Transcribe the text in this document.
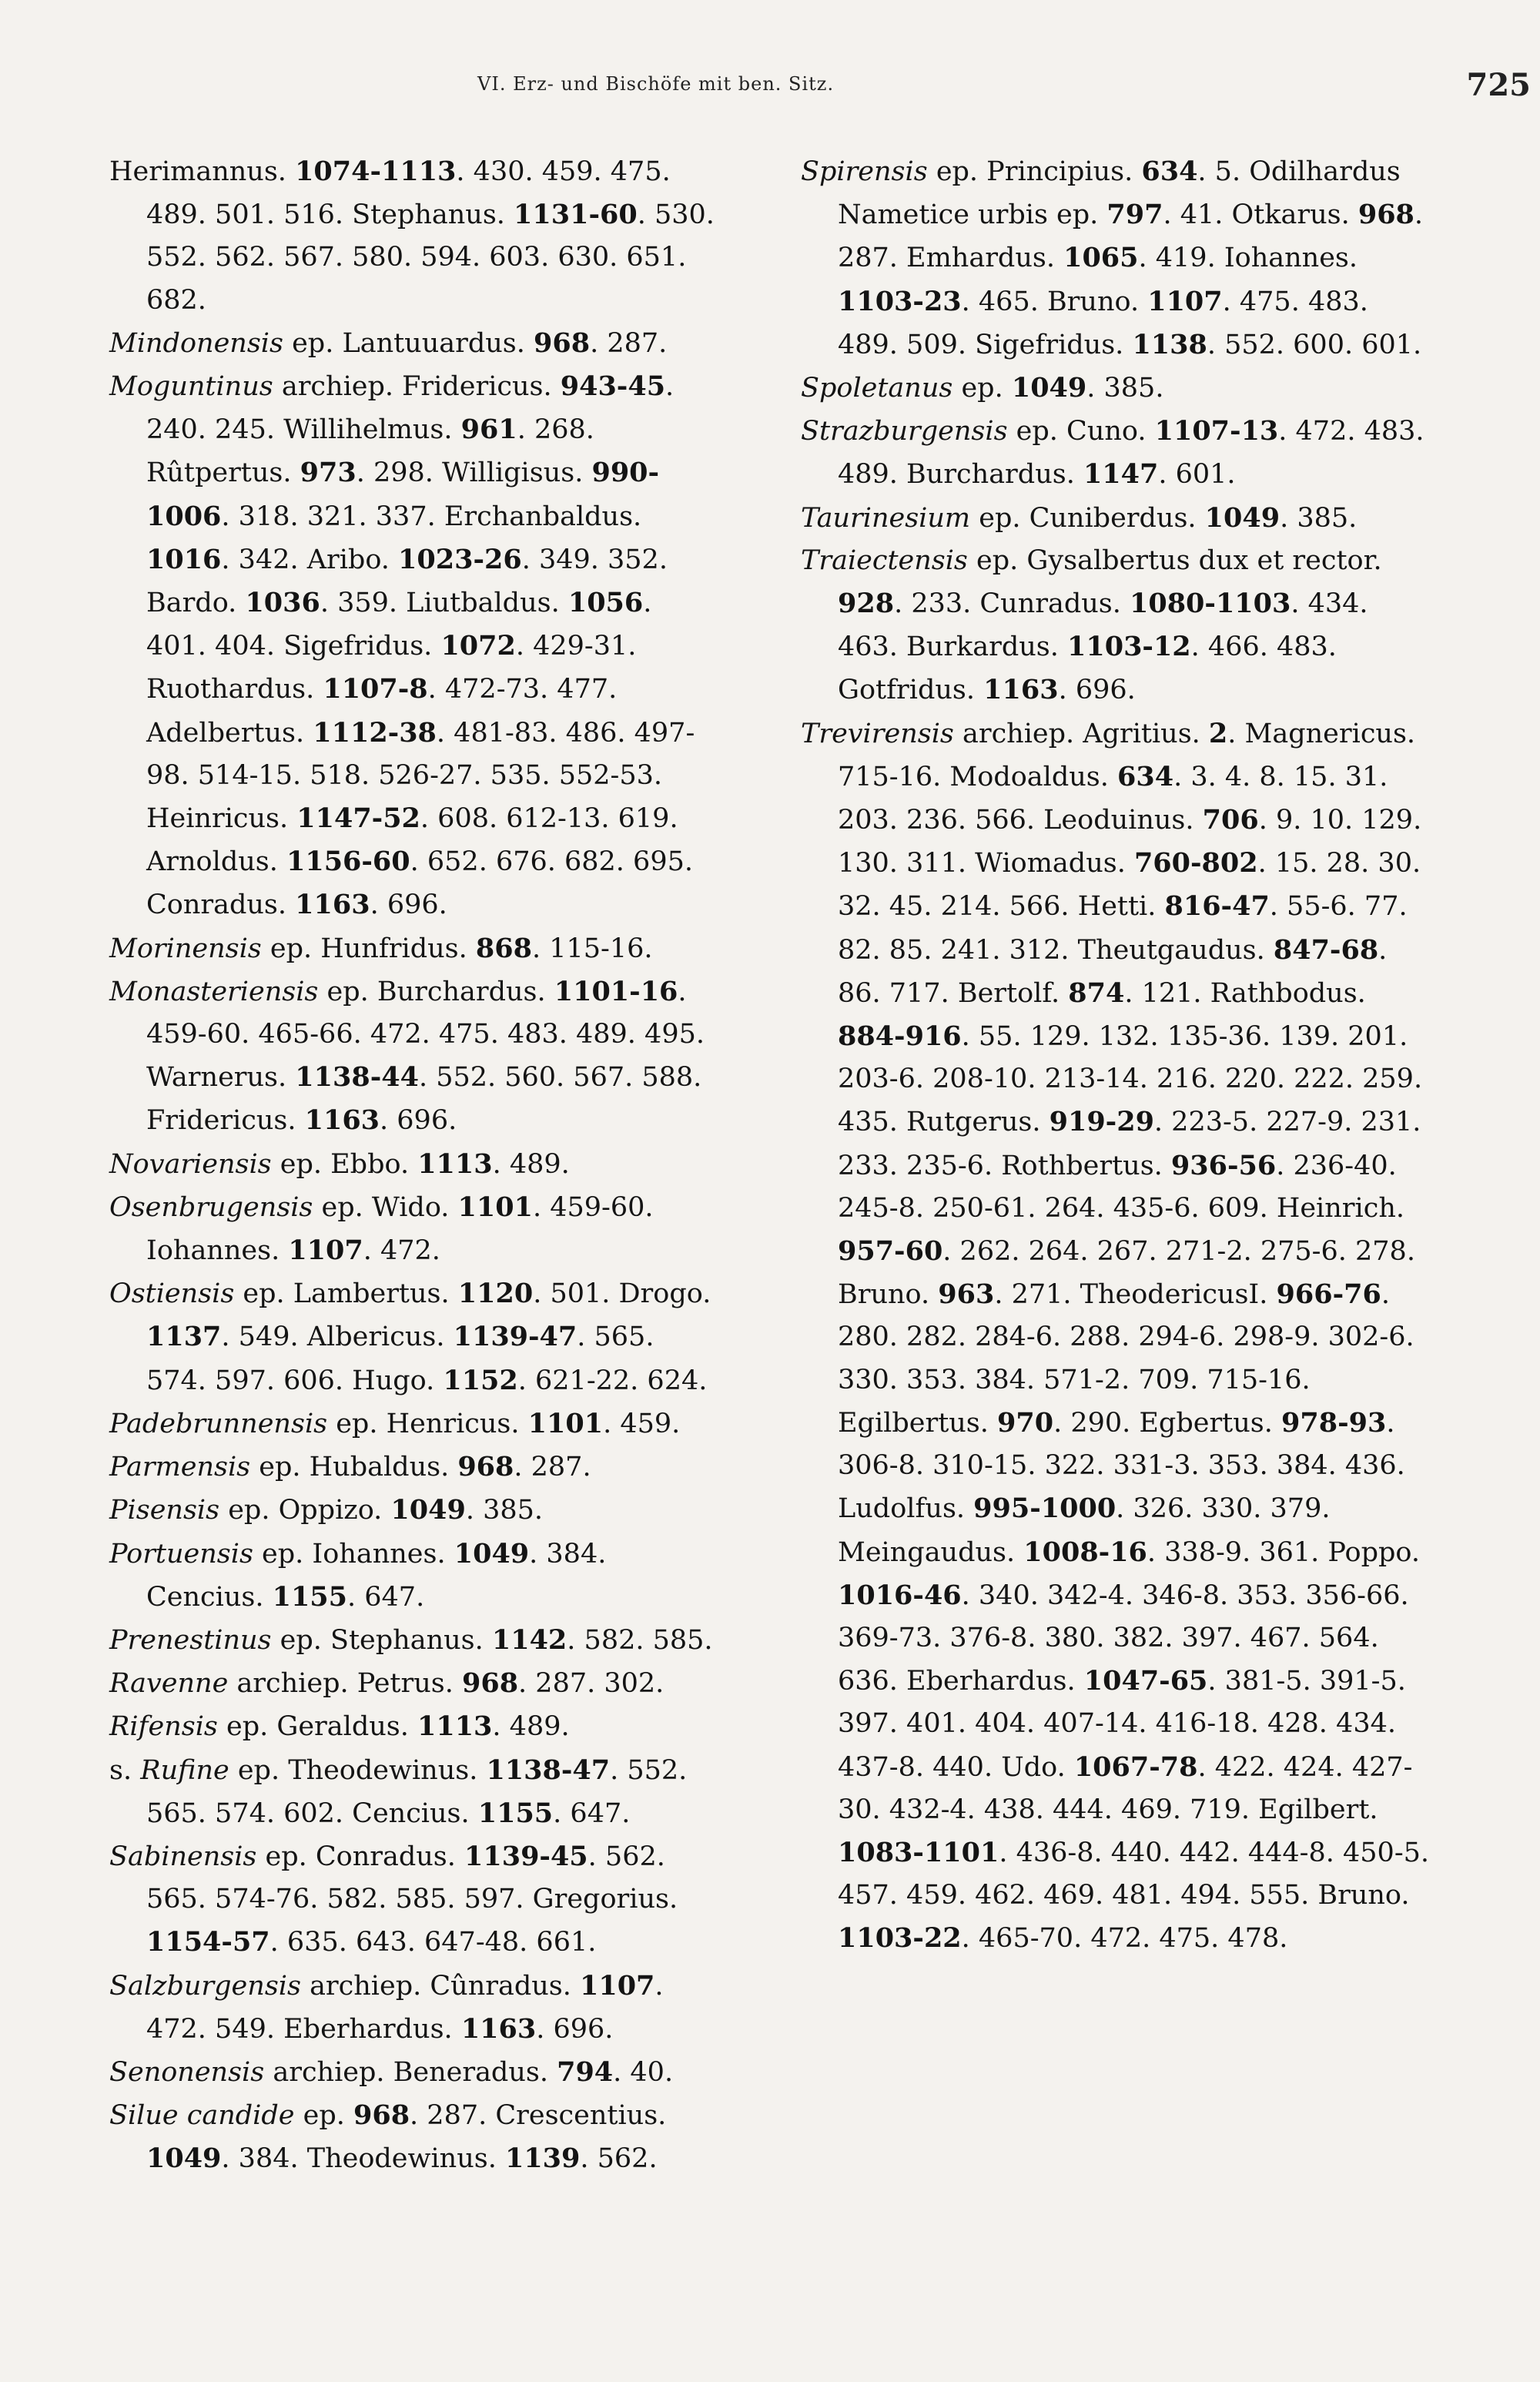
VI. Erz- und Bischöfe mit ben. Sitz.	725

Herimannus. 1074-1113. 430. 459. 475. 489. 501. 516. Stephanus. 1131-60. 530. 552. 562. 567. 580. 594. 603. 630. 651. 682.

Mindonensis ep. Lantuuardus. 968. 287.

Moguntinus archiep. Fridericus. 943-45. 240. 245. Willihelmus. 961. 268. Rûtpertus. 973. 298. Willigisus. 990-1006. 318. 321. 337. Erchanbaldus. 1016. 342. Aribo. 1023-26. 349. 352. Bardo. 1036. 359. Liutbaldus. 1056. 401. 404. Sigefridus. 1072. 429-31. Ruothardus. 1107-8. 472-73. 477. Adelbertus. 1112-38. 481-83. 486. 497-98. 514-15. 518. 526-27. 535. 552-53. Heinricus. 1147-52. 608. 612-13. 619. Arnoldus. 1156-60. 652. 676. 682. 695. Conradus. 1163. 696.

Morinensis ep. Hunfridus. 868. 115-16.

Monasteriensis ep. Burchardus. 1101-16. 459-60. 465-66. 472. 475. 483. 489. 495. Warnerus. 1138-44. 552. 560. 567. 588. Fridericus. 1163. 696.

Novariensis ep. Ebbo. 1113. 489.

Osenbrugensis ep. Wido. 1101. 459-60. Iohannes. 1107. 472.

Ostiensis ep. Lambertus. 1120. 501. Drogo. 1137. 549. Albericus. 1139-47. 565. 574. 597. 606. Hugo. 1152. 621-22. 624.

Padebrunnensis ep. Henricus. 1101. 459.

Parmensis ep. Hubaldus. 968. 287.

Pisensis ep. Oppizo. 1049. 385.

Portuensis ep. Iohannes. 1049. 384. Cencius. 1155. 647.

Prenestinus ep. Stephanus. 1142. 582. 585.

Ravenne archiep. Petrus. 968. 287. 302.

Rifensis ep. Geraldus. 1113. 489.

s. Rufine ep. Theodewinus. 1138-47. 552. 565. 574. 602. Cencius. 1155. 647.

Sabinensis ep. Conradus. 1139-45. 562. 565. 574-76. 582. 585. 597. Gregorius. 1154-57. 635. 643. 647-48. 661.

Salzburgensis archiep. Cûnradus. 1107. 472. 549. Eberhardus. 1163. 696.

Senonensis archiep. Beneradus. 794. 40.

Silue candide ep. 968. 287. Crescentius. 1049. 384. Theodewinus. 1139. 562.

Spirensis ep. Principius. 634. 5. Odilhardus Nametice urbis ep. 797. 41. Otkarus. 968. 287. Emhardus. 1065. 419. Iohannes. 1103-23. 465. Bruno. 1107. 475. 483. 489. 509. Sigefridus. 1138. 552. 600. 601.

Spoletanus ep. 1049. 385.

Strazburgensis ep. Cuno. 1107-13. 472. 483. 489. Burchardus. 1147. 601.

Taurinesium ep. Cuniberdus. 1049. 385.

Traiectensis ep. Gysalbertus dux et rector. 928. 233. Cunradus. 1080-1103. 434. 463. Burkardus. 1103-12. 466. 483. Gotfridus. 1163. 696.

Trevirensis archiep. Agritius. 2. Magnericus. 715-16. Modoaldus. 634. 3. 4. 8. 15. 31. 203. 236. 566. Leoduinus. 706. 9. 10. 129. 130. 311. Wiomadus. 760-802. 15. 28. 30. 32. 45. 214. 566. Hetti. 816-47. 55-6. 77. 82. 85. 241. 312. Theutgaudus. 847-68. 86. 717. Bertolf. 874. 121. Rathbodus. 884-916. 55. 129. 132. 135-36. 139. 201. 203-6. 208-10. 213-14. 216. 220. 222. 259. 435. Rutgerus. 919-29. 223-5. 227-9. 231. 233. 235-6. Rothbertus. 936-56. 236-40. 245-8. 250-61. 264. 435-6. 609. Heinrich. 957-60. 262. 264. 267. 271-2. 275-6. 278. Bruno. 963. 271. TheodericusI. 966-76. 280. 282. 284-6. 288. 294-6. 298-9. 302-6. 330. 353. 384. 571-2. 709. 715-16. Egilbertus. 970. 290. Egbertus. 978-93. 306-8. 310-15. 322. 331-3. 353. 384. 436. Ludolfus. 995-1000. 326. 330. 379. Meingaudus. 1008-16. 338-9. 361. Poppo. 1016-46. 340. 342-4. 346-8. 353. 356-66. 369-73. 376-8. 380. 382. 397. 467. 564. 636. Eberhardus. 1047-65. 381-5. 391-5. 397. 401. 404. 407-14. 416-18. 428. 434. 437-8. 440. Udo. 1067-78. 422. 424. 427-30. 432-4. 438. 444. 469. 719. Egilbert. 1083-1101. 436-8. 440. 442. 444-8. 450-5. 457. 459. 462. 469. 481. 494. 555. Bruno. 1103-22. 465-70. 472. 475. 478.
